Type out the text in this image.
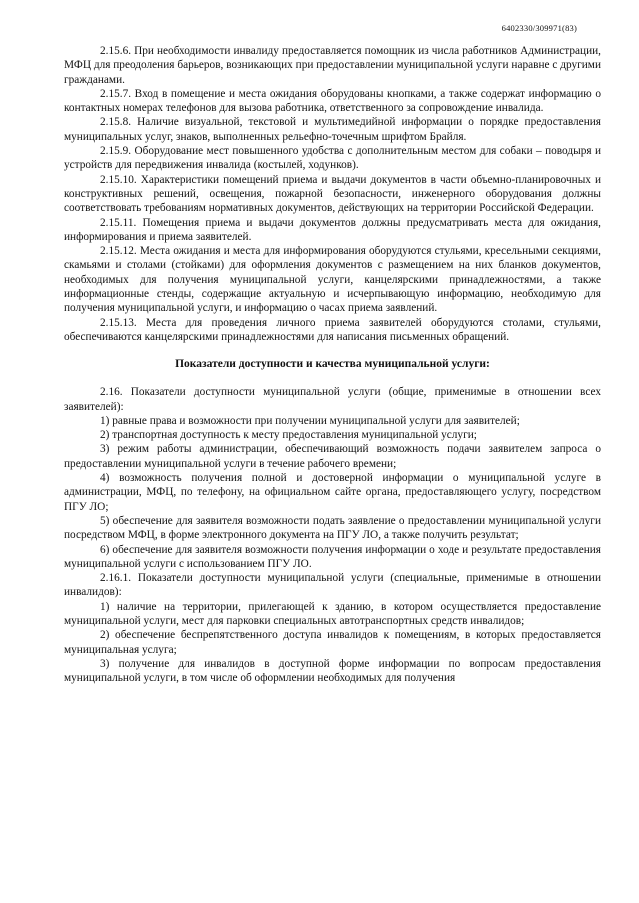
6402330/309971(83)

2.15.6. При необходимости инвалиду предоставляется помощник из числа работников Администрации, МФЦ для преодоления барьеров, возникающих при предоставлении муниципальной услуги наравне с другими гражданами.

2.15.7. Вход в помещение и места ожидания оборудованы кнопками, а также содержат информацию о контактных номерах телефонов для вызова работника, ответственного за сопровождение инвалида.

2.15.8. Наличие визуальной, текстовой и мультимедийной информации о порядке предоставления муниципальных услуг, знаков, выполненных рельефно-точечным шрифтом Брайля.

2.15.9. Оборудование мест повышенного удобства с дополнительным местом для собаки – поводыря и устройств для передвижения инвалида (костылей, ходунков).

2.15.10. Характеристики помещений приема и выдачи документов в части объемно-планировочных и конструктивных решений, освещения, пожарной безопасности, инженерного оборудования должны соответствовать требованиям нормативных документов, действующих на территории Российской Федерации.

2.15.11. Помещения приема и выдачи документов должны предусматривать места для ожидания, информирования и приема заявителей.

2.15.12. Места ожидания и места для информирования оборудуются стульями, кресельными секциями, скамьями и столами (стойками) для оформления документов с размещением на них бланков документов, необходимых для получения муниципальной услуги, канцелярскими принадлежностями, а также информационные стенды, содержащие актуальную и исчерпывающую информацию, необходимую для получения муниципальной услуги, и информацию о часах приема заявлений.

2.15.13. Места для проведения личного приема заявителей оборудуются столами, стульями, обеспечиваются канцелярскими принадлежностями для написания письменных обращений.

Показатели доступности и качества муниципальной услуги:

2.16. Показатели доступности муниципальной услуги (общие, применимые в отношении всех заявителей):

1) равные права и возможности при получении муниципальной услуги для заявителей;

2) транспортная доступность к месту предоставления муниципальной услуги;

3) режим работы администрации, обеспечивающий возможность подачи заявителем запроса о предоставлении муниципальной услуги в течение рабочего времени;

4) возможность получения полной и достоверной информации о муниципальной услуге в администрации, МФЦ, по телефону, на официальном сайте органа, предоставляющего услугу, посредством ПГУ ЛО;

5) обеспечение для заявителя возможности подать заявление о предоставлении муниципальной услуги посредством МФЦ, в форме электронного документа на ПГУ ЛО, а также получить результат;

6) обеспечение для заявителя возможности получения информации о ходе и результате предоставления муниципальной услуги с использованием ПГУ ЛО.

2.16.1. Показатели доступности муниципальной услуги (специальные, применимые в отношении инвалидов):

1) наличие на территории, прилегающей к зданию, в котором осуществляется предоставление муниципальной услуги, мест для парковки специальных автотранспортных средств инвалидов;

2) обеспечение беспрепятственного доступа инвалидов к помещениям, в которых предоставляется муниципальная услуга;

3) получение для инвалидов в доступной форме информации по вопросам предоставления муниципальной услуги, в том числе об оформлении необходимых для получения
